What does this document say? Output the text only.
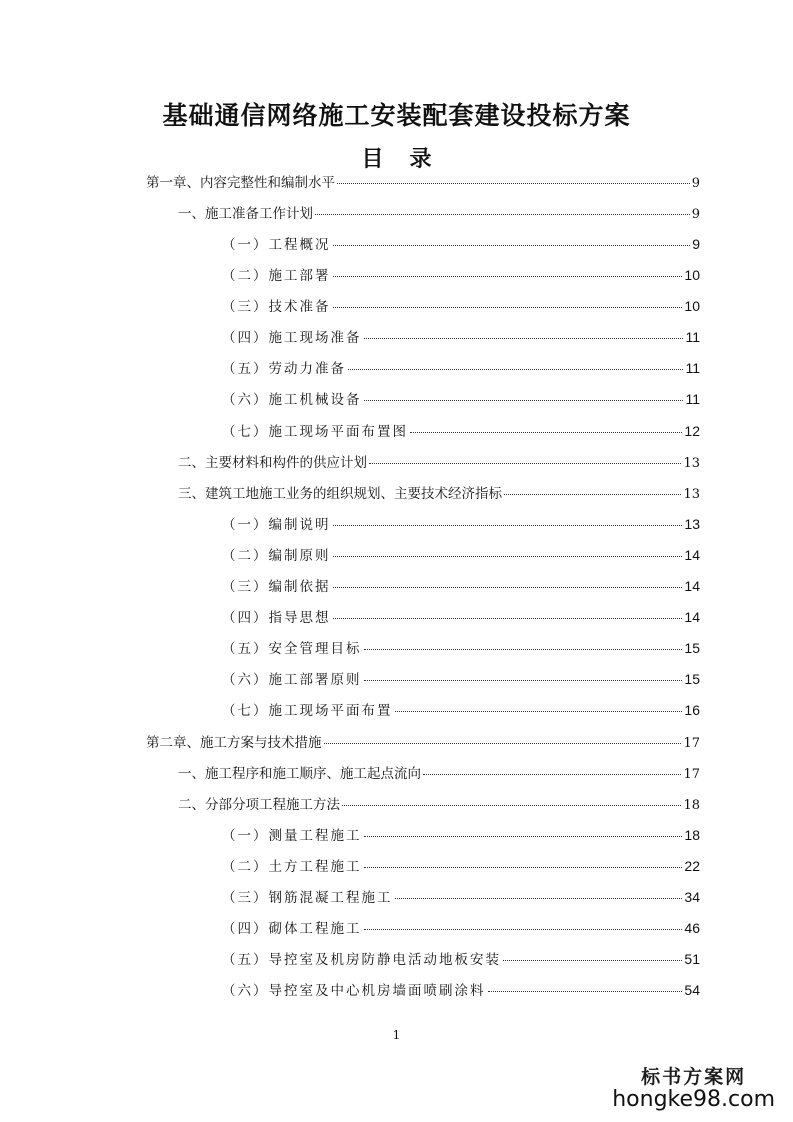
基础通信网络施工安装配套建设投标方案
目 录
第一章、内容完整性和编制水平	9
一、施工准备工作计划	9
（一）工程概况	9
（二）施工部署	10
（三）技术准备	10
（四）施工现场准备	11
（五）劳动力准备	11
（六）施工机械设备	11
（七）施工现场平面布置图	12
二、主要材料和构件的供应计划	13
三、建筑工地施工业务的组织规划、主要技术经济指标	13
（一）编制说明	13
（二）编制原则	14
（三）编制依据	14
（四）指导思想	14
（五）安全管理目标	15
（六）施工部署原则	15
（七）施工现场平面布置	16
第二章、施工方案与技术措施	17
一、施工程序和施工顺序、施工起点流向	17
二、分部分项工程施工方法	18
（一）测量工程施工	18
（二）土方工程施工	22
（三）钢筋混凝工程施工	34
（四）砌体工程施工	46
（五）导控室及机房防静电活动地板安装	51
（六）导控室及中心机房墙面喷刷涂料	54
1
标书方案网
hongke98.com
